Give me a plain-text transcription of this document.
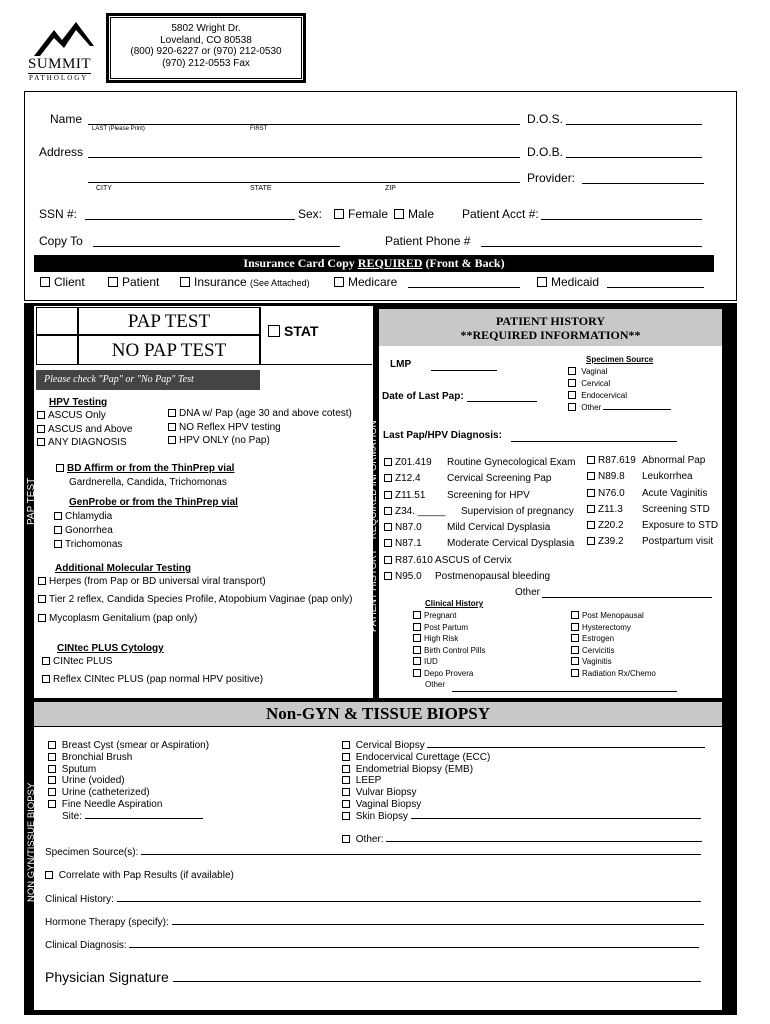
SUMMIT
PATHOLOGY
5802 Wright Dr.
Loveland, CO 80538
(800) 920-6227 or (970) 212-0530
(970) 212-0553 Fax
Name
LAST (Please Print)	FIRST
D.O.S.
Address	D.O.B.
Provider:
CITY	STATE	ZIP
SSN #:	Sex:	Female	Male Patient Acct #:
Copy To	Patient Phone #
Insurance Card Copy REQUIRED (Front & Back)
Client	Patient	Insurance (See Attached)	Medicare	Medicaid
PAP TEST
NO PAP TEST
STAT
Please check "Pap" or "No Pap" Test
PAP TEST
HPV Testing
ASCUS Only
ASCUS and Above
ANY DIAGNOSIS
DNA w/ Pap (age 30 and above cotest)
NO Reflex HPV testing
HPV ONLY (no Pap)
BD Affirm or from the ThinPrep vial
Gardnerella, Candida, Trichomonas
GenProbe or from the ThinPrep vial
Chlamydia
Gonorrhea
Trichomonas
Additional Molecular Testing
Herpes (from Pap or BD universal viral transport)
Tier 2 reflex, Candida Species Profile, Atopobium Vaginae (pap only)
Mycoplasm Genitalium (pap only)
CINtec PLUS Cytology
CINtec PLUS
Reflex CINtec PLUS (pap normal HPV positive)
PATIENT HISTORY
**REQUIRED INFORMATION**
PATIENT HISTORY **REQUIRED INFORMATION
LMP
Date of Last Pap:
Last Pap/HPV Diagnosis:
Specimen Source
Vaginal
Cervical
Endocervical
Other
Z01.419 Routine Gynecological Exam
Z12.4	Cervical Screening Pap
Z11.51 Screening for HPV
Z34. _____ Supervision of pregnancy
N87.0	Mild Cervical Dysplasia
N87.1	Moderate Cervical Dysplasia
R87.610 ASCUS of Cervix
N95.0 Postmenopausal bleeding
R87.619 Abnormal Pap
N89.8 Leukorrhea
N76.0 Acute Vaginitis
Z11.3 Screening STD
Z20.2 Exposure to STD
Z39.2 Postpartum visit
Other
Clinical History
Pregnant
Post Partum
High Risk
Birth Control Pills
IUD
Depo Provera
Other
Post Menopausal
Hysterectomy
Estrogen
Cervicitis
Vaginitis
Radiation Rx/Chemo
Non-GYN & TISSUE BIOPSY
NON GYN/TISSUE BIOPSY
Breast Cyst (smear or Aspiration)
Bronchial Brush
Sputum
Urine (voided)
Urine (catheterized)
Fine Needle Aspiration
Site:
Cervical Biopsy
Endocervical Curettage (ECC)
Endometrial Biopsy (EMB)
LEEP
Vulvar Biopsy
Vaginal Biopsy
Skin Biopsy
Other:
Specimen Source(s):
Correlate with Pap Results (if available)
Clinical History:
Hormone Therapy (specify):
Clinical Diagnosis:
Physician Signature
